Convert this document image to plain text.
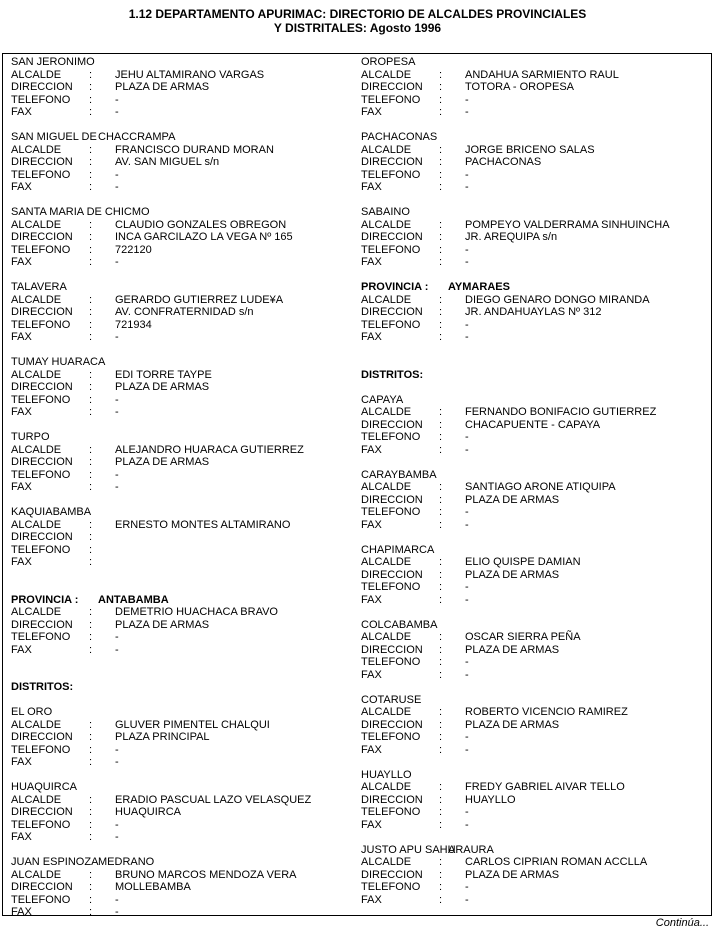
1.12 DEPARTAMENTO APURIMAC: DIRECTORIO DE ALCALDES PROVINCIALES
Y DISTRITALES: Agosto 1996
SAN JERONIMO
ALCALDE	:	JEHU ALTAMIRANO VARGAS
DIRECCION	:	PLAZA DE ARMAS
TELEFONO	:	-
FAX	:	-
SAN MIGUEL DE CHACCRAMPA
ALCALDE	:	FRANCISCO DURAND MORAN
DIRECCION	:	AV. SAN MIGUEL s/n
TELEFONO	:	-
FAX	:	-
SANTA MARIA DE CHICMO
ALCALDE	:	CLAUDIO GONZALES OBREGON
DIRECCION	:	INCA GARCILAZO LA VEGA Nº 165
TELEFONO	:	722120
FAX	:	-
TALAVERA
ALCALDE	:	GERARDO GUTIERREZ LUDE¥A
DIRECCION	:	AV. CONFRATERNIDAD s/n
TELEFONO	:	721934
FAX	:	-
TUMAY HUARACA
ALCALDE	:	EDI TORRE TAYPE
DIRECCION	:	PLAZA DE ARMAS
TELEFONO	:	-
FAX	:	-
TURPO
ALCALDE	:	ALEJANDRO HUARACA GUTIERREZ
DIRECCION	:	PLAZA DE ARMAS
TELEFONO	:	-
FAX	:	-
KAQUIABAMBA
ALCALDE	:	ERNESTO MONTES ALTAMIRANO
DIRECCION	:
TELEFONO	:
FAX	:
PROVINCIA : ANTABAMBA
ALCALDE	:	DEMETRIO HUACHACA BRAVO
DIRECCION	:	PLAZA DE ARMAS
TELEFONO	:	-
FAX	:	-
DISTRITOS:
EL ORO
ALCALDE	:	GLUVER PIMENTEL CHALQUI
DIRECCION	:	PLAZA PRINCIPAL
TELEFONO	:	-
FAX	:	-
HUAQUIRCA
ALCALDE	:	ERADIO PASCUAL LAZO VELASQUEZ
DIRECCION	:	HUAQUIRCA
TELEFONO	:	-
FAX	:	-
JUAN ESPINOZA MEDRANO
ALCALDE	:	BRUNO MARCOS MENDOZA VERA
DIRECCION	:	MOLLEBAMBA
TELEFONO	:	-
FAX	:	-
OROPESA
ALCALDE	:	ANDAHUA SARMIENTO RAUL
DIRECCION	:	TOTORA - OROPESA
TELEFONO	:	-
FAX	:	-
PACHACONAS
ALCALDE	:	JORGE BRICENO SALAS
DIRECCION	:	PACHACONAS
TELEFONO	:	-
FAX	:	-
SABAINO
ALCALDE	:	POMPEYO VALDERRAMA SINHUINCHA
DIRECCION	:	JR. AREQUIPA s/n
TELEFONO	:	-
FAX	:	-
PROVINCIA : AYMARAES
ALCALDE	:	DIEGO GENARO DONGO MIRANDA
DIRECCION	:	JR. ANDAHUAYLAS Nº 312
TELEFONO	:	-
FAX	:	-
DISTRITOS:
CAPAYA
ALCALDE	:	FERNANDO BONIFACIO GUTIERREZ
DIRECCION	:	CHACAPUENTE - CAPAYA
TELEFONO	:	-
FAX	:	-
CARAYBAMBA
ALCALDE	:	SANTIAGO ARONE ATIQUIPA
DIRECCION	:	PLAZA DE ARMAS
TELEFONO	:	-
FAX	:	-
CHAPIMARCA
ALCALDE	:	ELIO QUISPE DAMIAN
DIRECCION	:	PLAZA DE ARMAS
TELEFONO	:	-
FAX	:	-
COLCABAMBA
ALCALDE	:	OSCAR SIERRA PEÑA
DIRECCION	:	PLAZA DE ARMAS
TELEFONO	:	-
FAX	:	-
COTARUSE
ALCALDE	:	ROBERTO VICENCIO RAMIREZ
DIRECCION	:	PLAZA DE ARMAS
TELEFONO	:	-
FAX	:	-
HUAYLLO
ALCALDE	:	FREDY GABRIEL AIVAR TELLO
DIRECCION	:	HUAYLLO
TELEFONO	:	-
FAX	:	-
JUSTO APU SAHU
ARAURA
ALCALDE	:	CARLOS CIPRIAN ROMAN ACCLLA
DIRECCION	:	PLAZA DE ARMAS
TELEFONO	:	-
FAX	:	-
Continúa...
